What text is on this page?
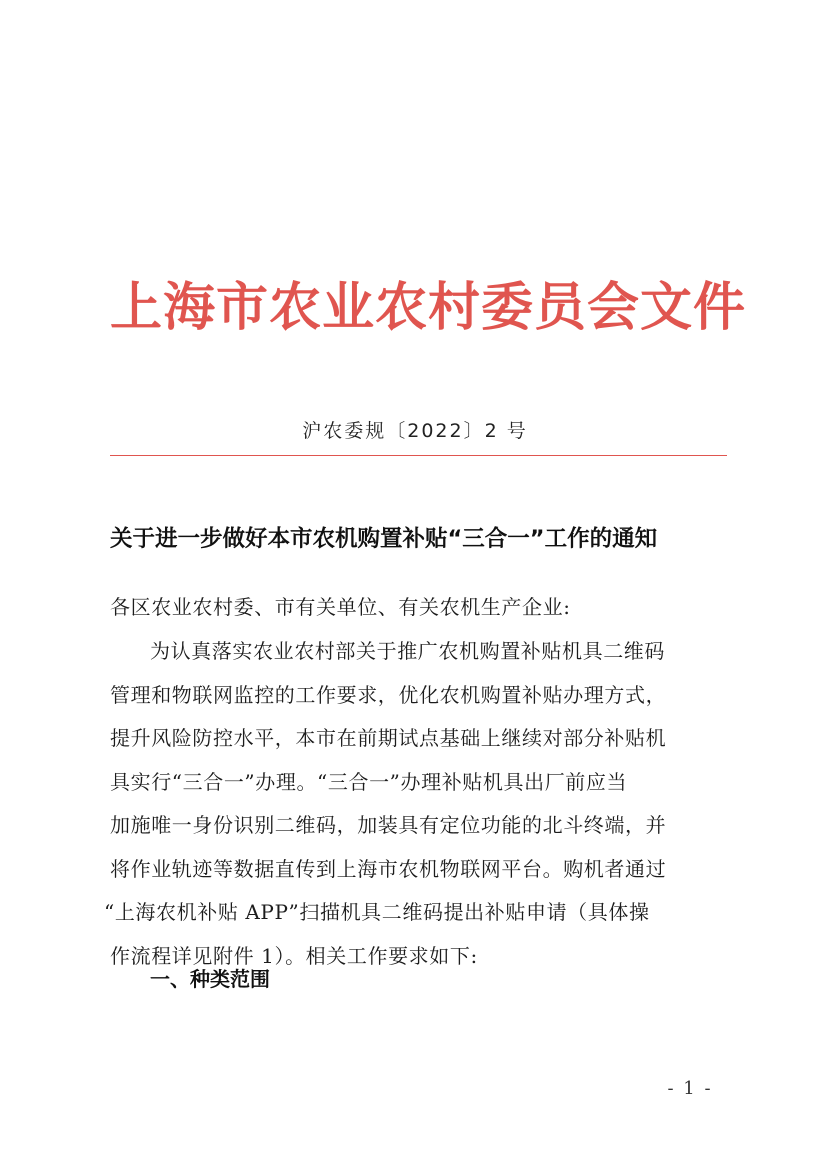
上海市农业农村委员会文件
沪农委规〔2022〕2 号
关于进一步做好本市农机购置补贴“三合一”工作的通知
各区农业农村委、市有关单位、有关农机生产企业:
为认真落实农业农村部关于推广农机购置补贴机具二维码
管理和物联网监控的工作要求，优化农机购置补贴办理方式，
提升风险防控水平，本市在前期试点基础上继续对部分补贴机
具实行“三合一”办理。“三合一”办理补贴机具出厂前应当
加施唯一身份识别二维码，加装具有定位功能的北斗终端，并
将作业轨迹等数据直传到上海市农机物联网平台。购机者通过
“上海农机补贴 APP”扫描机具二维码提出补贴申请（具体操
作流程详见附件 1）。相关工作要求如下:
一、种类范围
- 1 -
